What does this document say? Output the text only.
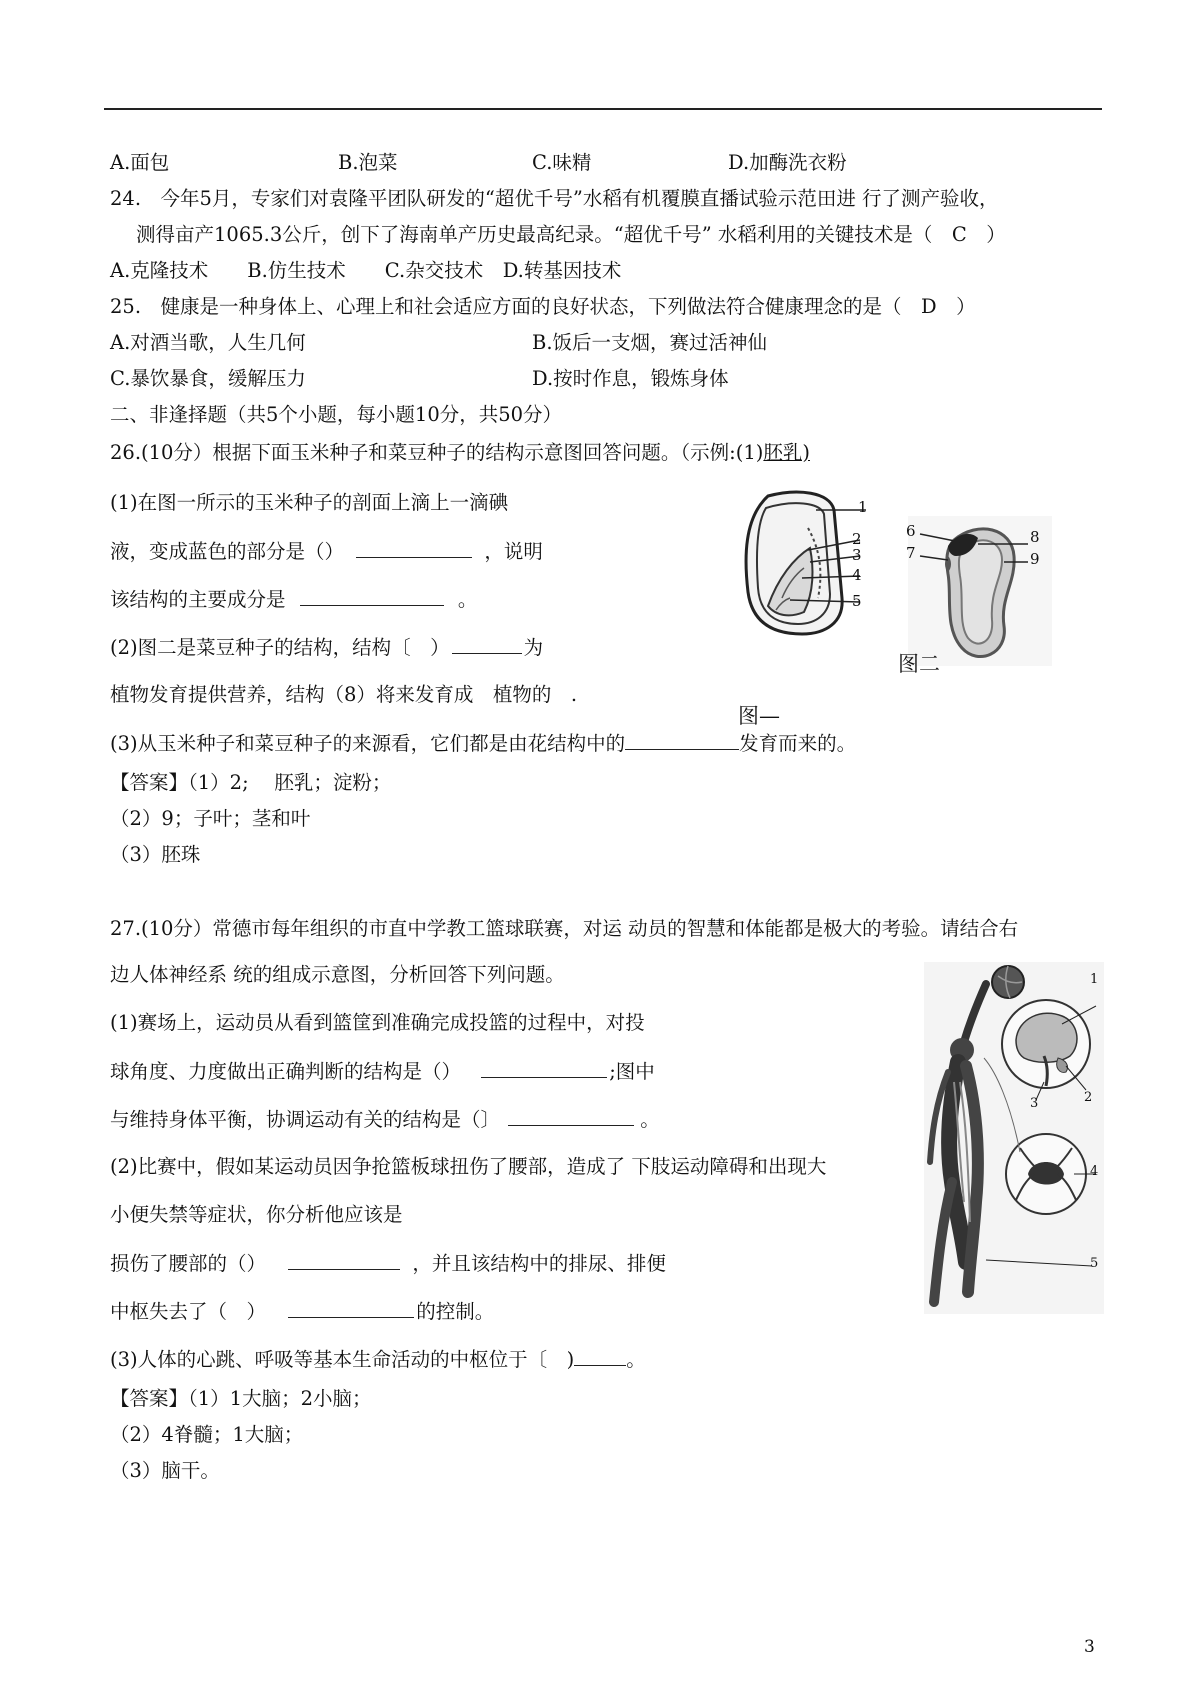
A.面包	B.泡菜	C.味精	D.加酶洗衣粉
24.　今年5月，专家们对袁隆平团队研发的“超优千号”水稻有机覆膜直播试验示范田进 行了测产验收，
测得亩产1065.3公斤，创下了海南单产历史最高纪录。“超优千号” 水稻利用的关键技术是（　C　）
A.克隆技术　　B.仿生技术　　C.杂交技术　D.转基因技术
25.　健康是一种身体上、心理上和社会适应方面的良好状态，下列做法符合健康理念的是（　D　）
A.对酒当歌，人生几何	B.饭后一支烟，赛过活神仙
C.暴饮暴食，缓解压力	D.按时作息，锻炼身体
二、非逢择题（共5个小题，每小题10分，共50分）
26.(10分）根据下面玉米种子和菜豆种子的结构示意图回答问题。（示例:(1)胚乳)
(1)在图一所示的玉米种子的剖面上滴上一滴碘
液，变成蓝色的部分是（）	，说明
该结构的主要成分是	。
(2)图二是菜豆种子的结构，结构〔　）	为
植物发育提供营养，结构（8）将来发育成　植物的　.
(3)从玉米种子和菜豆种子的来源看，它们都是由花结构中的	发育而来的。
1
2
3
4
5
图—
6
7
8
9
图二
【答案】（1）2;　 胚乳；淀粉；
（2）9；子叶；茎和叶
（3）胚珠
27.(10分）常德市每年组织的市直中学教工篮球联赛，对运 动员的智慧和体能都是极大的考验。请结合右
边人体神经系 统的组成示意图，分析回答下列问题。
(1)赛场上，运动员从看到篮筐到准确完成投篮的过程中，对投
球角度、力度做出正确判断的结构是（）	;图中
与维持身体平衡，协调运动有关的结构是（〕	。
(2)比赛中，假如某运动员因争抢篮板球扭伤了腰部，造成了 下肢运动障碍和出现大
小便失禁等症状，你分析他应该是
损伤了腰部的（）	，并且该结构中的排尿、排便
中枢失去了（　）	的控制。
(3)人体的心跳、呼吸等基本生命活动的中枢位于〔　)	。
1
2
3
4
5
【答案】（1）1大脑；2小脑；
（2）4脊髓；1大脑；
（3）脑干。
3
